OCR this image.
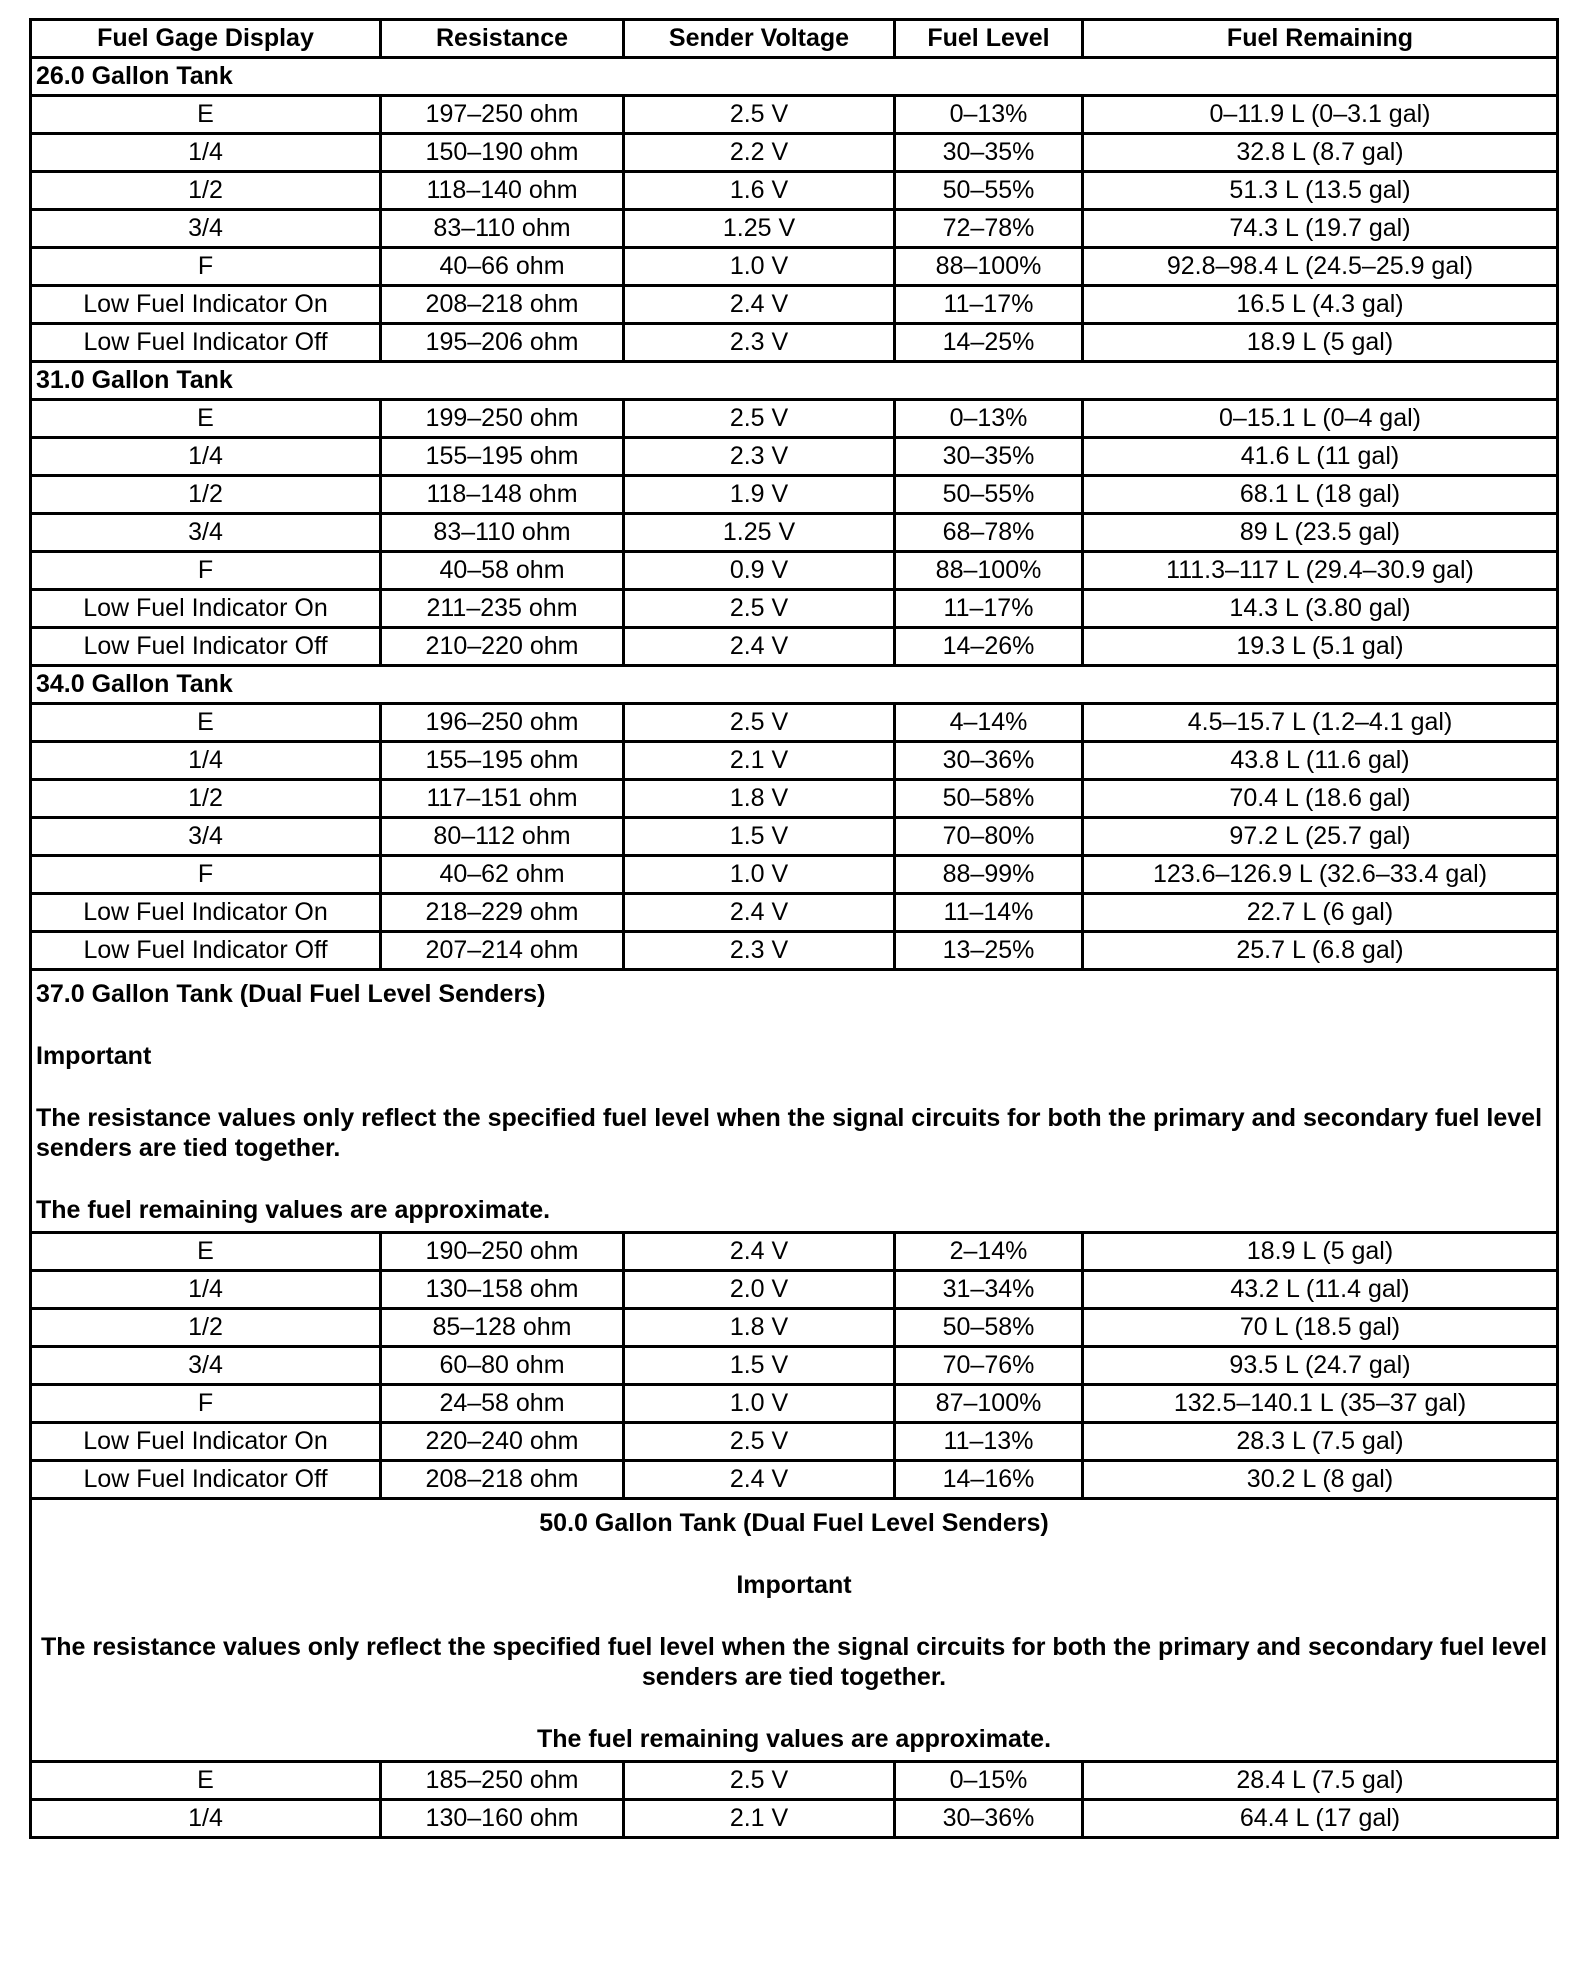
Fuel Gage Display	Resistance	Sender Voltage	Fuel Level	Fuel Remaining
26.0 Gallon Tank				
E	197–250 ohm	2.5 V	0–13%	0–11.9 L (0–3.1 gal)
1/4	150–190 ohm	2.2 V	30–35%	32.8 L (8.7 gal)
1/2	118–140 ohm	1.6 V	50–55%	51.3 L (13.5 gal)
3/4	83–110 ohm	1.25 V	72–78%	74.3 L (19.7 gal)
F	40–66 ohm	1.0 V	88–100%	92.8–98.4 L (24.5–25.9 gal)
Low Fuel Indicator On	208–218 ohm	2.4 V	11–17%	16.5 L (4.3 gal)
Low Fuel Indicator Off	195–206 ohm	2.3 V	14–25%	18.9 L (5 gal)
31.0 Gallon Tank				
E	199–250 ohm	2.5 V	0–13%	0–15.1 L (0–4 gal)
1/4	155–195 ohm	2.3 V	30–35%	41.6 L (11 gal)
1/2	118–148 ohm	1.9 V	50–55%	68.1 L (18 gal)
3/4	83–110 ohm	1.25 V	68–78%	89 L (23.5 gal)
F	40–58 ohm	0.9 V	88–100%	111.3–117 L (29.4–30.9 gal)
Low Fuel Indicator On	211–235 ohm	2.5 V	11–17%	14.3 L (3.80 gal)
Low Fuel Indicator Off	210–220 ohm	2.4 V	14–26%	19.3 L (5.1 gal)
34.0 Gallon Tank				
E	196–250 ohm	2.5 V	4–14%	4.5–15.7 L (1.2–4.1 gal)
1/4	155–195 ohm	2.1 V	30–36%	43.8 L (11.6 gal)
1/2	117–151 ohm	1.8 V	50–58%	70.4 L (18.6 gal)
3/4	80–112 ohm	1.5 V	70–80%	97.2 L (25.7 gal)
F	40–62 ohm	1.0 V	88–99%	123.6–126.9 L (32.6–33.4 gal)
Low Fuel Indicator On	218–229 ohm	2.4 V	11–14%	22.7 L (6 gal)
Low Fuel Indicator Off	207–214 ohm	2.3 V	13–25%	25.7 L (6.8 gal)

37.0 Gallon Tank (Dual Fuel Level Senders)
Important
The resistance values only reflect the specified fuel level when the signal circuits for both the primary and secondary fuel level senders are tied together.
The fuel remaining values are approximate.				

E	190–250 ohm	2.4 V	2–14%	18.9 L (5 gal)
1/4	130–158 ohm	2.0 V	31–34%	43.2 L (11.4 gal)
1/2	85–128 ohm	1.8 V	50–58%	70 L (18.5 gal)
3/4	60–80 ohm	1.5 V	70–76%	93.5 L (24.7 gal)
F	24–58 ohm	1.0 V	87–100%	132.5–140.1 L (35–37 gal)
Low Fuel Indicator On	220–240 ohm	2.5 V	11–13%	28.3 L (7.5 gal)
Low Fuel Indicator Off	208–218 ohm	2.4 V	14–16%	30.2 L (8 gal)

50.0 Gallon Tank (Dual Fuel Level Senders)
Important
The resistance values only reflect the specified fuel level when the signal circuits for both the primary and secondary fuel level senders are tied together.
The fuel remaining values are approximate.				

E	185–250 ohm	2.5 V	0–15%	28.4 L (7.5 gal)
1/4	130–160 ohm	2.1 V	30–36%	64.4 L (17 gal)
